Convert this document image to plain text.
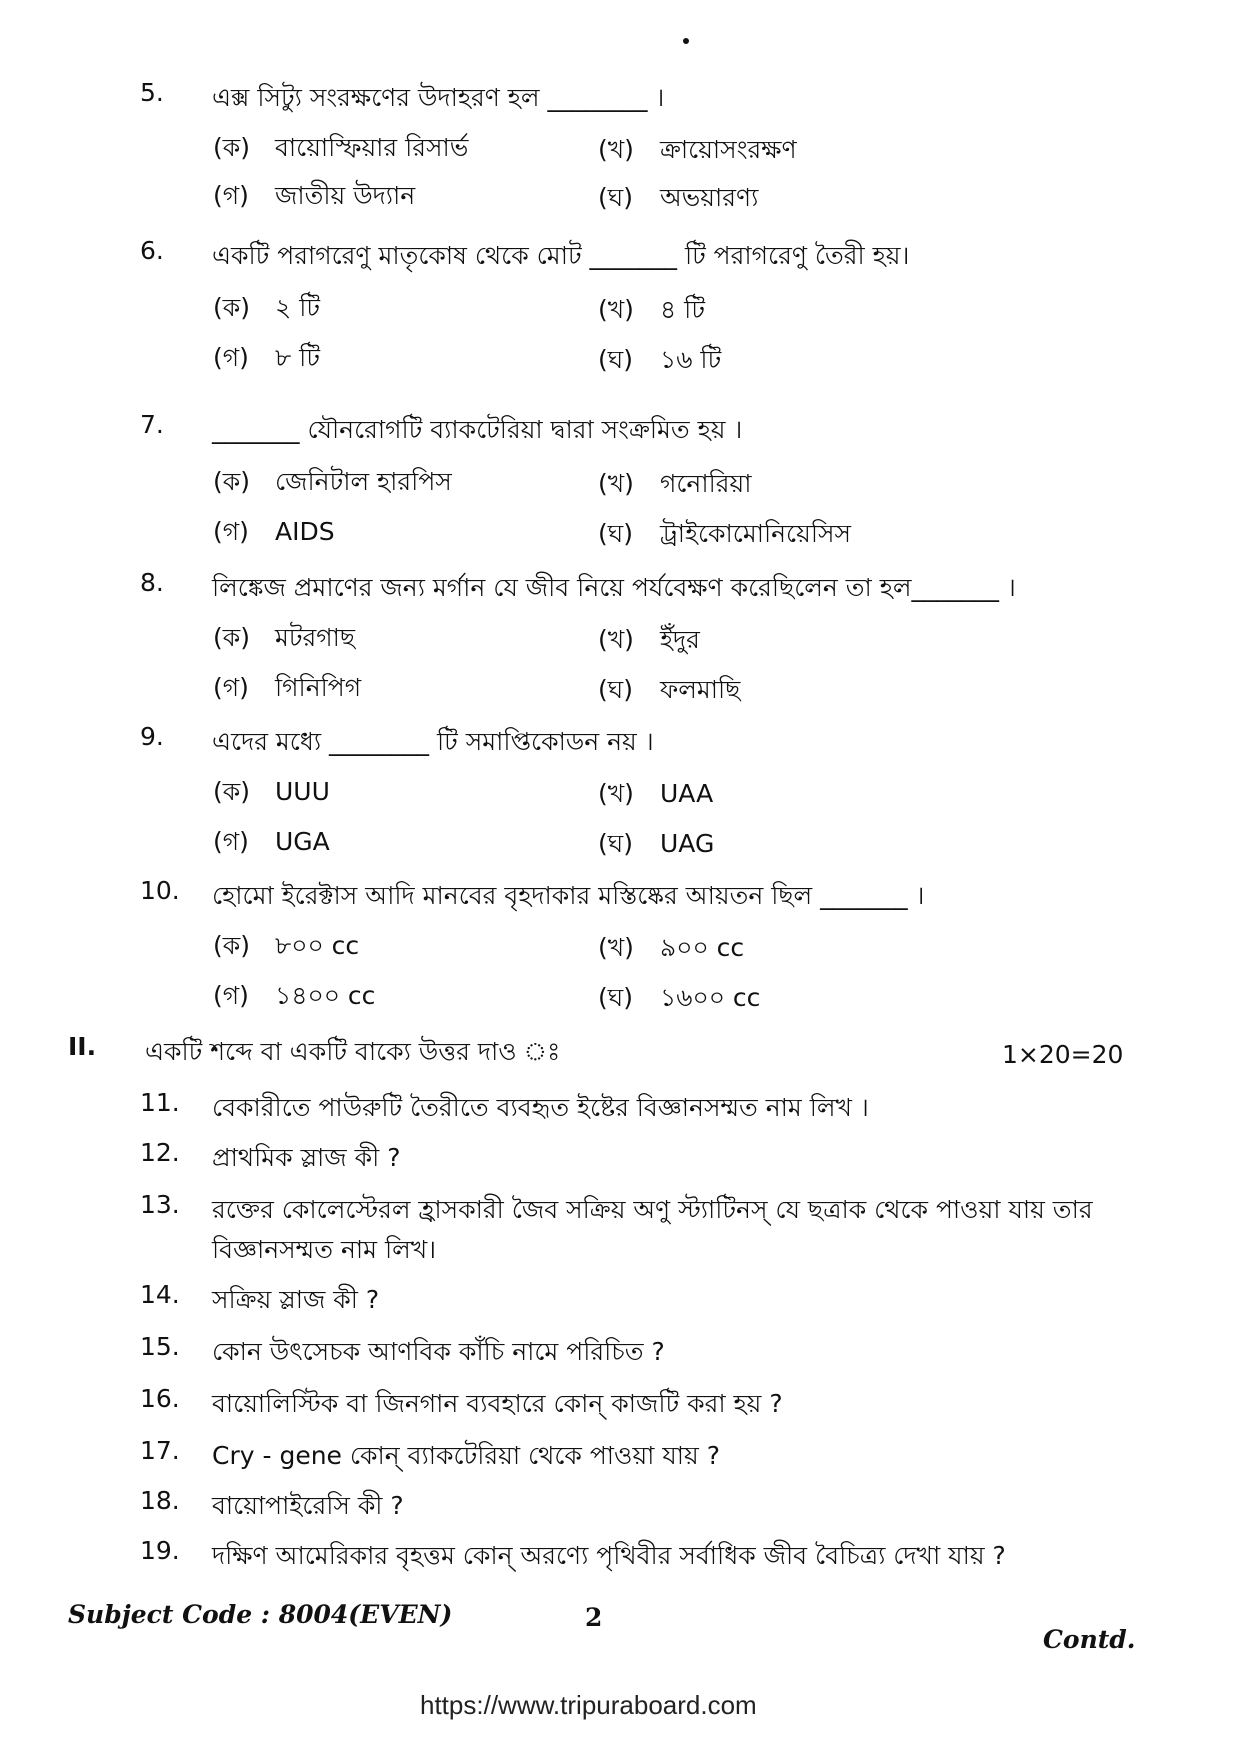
5.	এক্স সিট্যু সংরক্ষণের উদাহরণ হল ________ ।
(ক) বায়োস্ফিয়ার রিসার্ভ	(খ) ক্রায়োসংরক্ষণ
(গ) জাতীয় উদ্যান	(ঘ) অভয়ারণ্য
6.	একটি পরাগরেণু মাতৃকোষ থেকে মোট _______ টি পরাগরেণু তৈরী হয়।
(ক) ২ টি	(খ) ৪ টি
(গ) ৮ টি	(ঘ) ১৬ টি
7.	_______ যৌনরোগটি ব্যাকটেরিয়া দ্বারা সংক্রমিত হয় ।
(ক) জেনিটাল হারপিস	(খ) গনোরিয়া
(গ) AIDS	(ঘ) ট্রাইকোমোনিয়েসিস
8.	লিঙ্কেজ প্রমাণের জন্য মর্গান যে জীব নিয়ে পর্যবেক্ষণ করেছিলেন তা হল_______ ।
(ক) মটরগাছ	(খ) ইঁদুর
(গ) গিনিপিগ	(ঘ) ফলমাছি
9.	এদের মধ্যে ________ টি সমাপ্তিকোডন নয় ।
(ক) UUU	(খ) UAA
(গ) UGA	(ঘ) UAG
10.	হোমো ইরেক্টাস আদি মানবের বৃহদাকার মস্তিষ্কের আয়তন ছিল _______ ।
(ক) ৮০০ cc	(খ) ৯০০ cc
(গ) ১৪০০ cc	(ঘ) ১৬০০ cc
II. একটি শব্দে বা একটি বাক্যে উত্তর দাও ঃ	1×20=20
11.	বেকারীতে পাউরুটি তৈরীতে ব্যবহৃত ইষ্টের বিজ্ঞানসম্মত নাম লিখ ।
12.	প্রাথমিক স্লাজ কী ?
13.	রক্তের কোলেস্টেরল হ্রাসকারী জৈব সক্রিয় অণু স্ট্যাটিনস্ যে ছত্রাক থেকে পাওয়া যায় তার বিজ্ঞানসম্মত নাম লিখ।
14.	সক্রিয় স্লাজ কী ?
15.	কোন উৎসেচক আণবিক কাঁচি নামে পরিচিত ?
16.	বায়োলিস্টিক বা জিনগান ব্যবহারে কোন্ কাজটি করা হয় ?
17.	Cry - gene কোন্ ব্যাকটেরিয়া থেকে পাওয়া যায় ?
18.	বায়োপাইরেসি কী ?
19.	দক্ষিণ আমেরিকার বৃহত্তম কোন্ অরণ্যে পৃথিবীর সর্বাধিক জীব বৈচিত্র্য দেখা যায় ?
Subject Code : 8004(EVEN)	2
Contd.
https://www.tripuraboard.com
